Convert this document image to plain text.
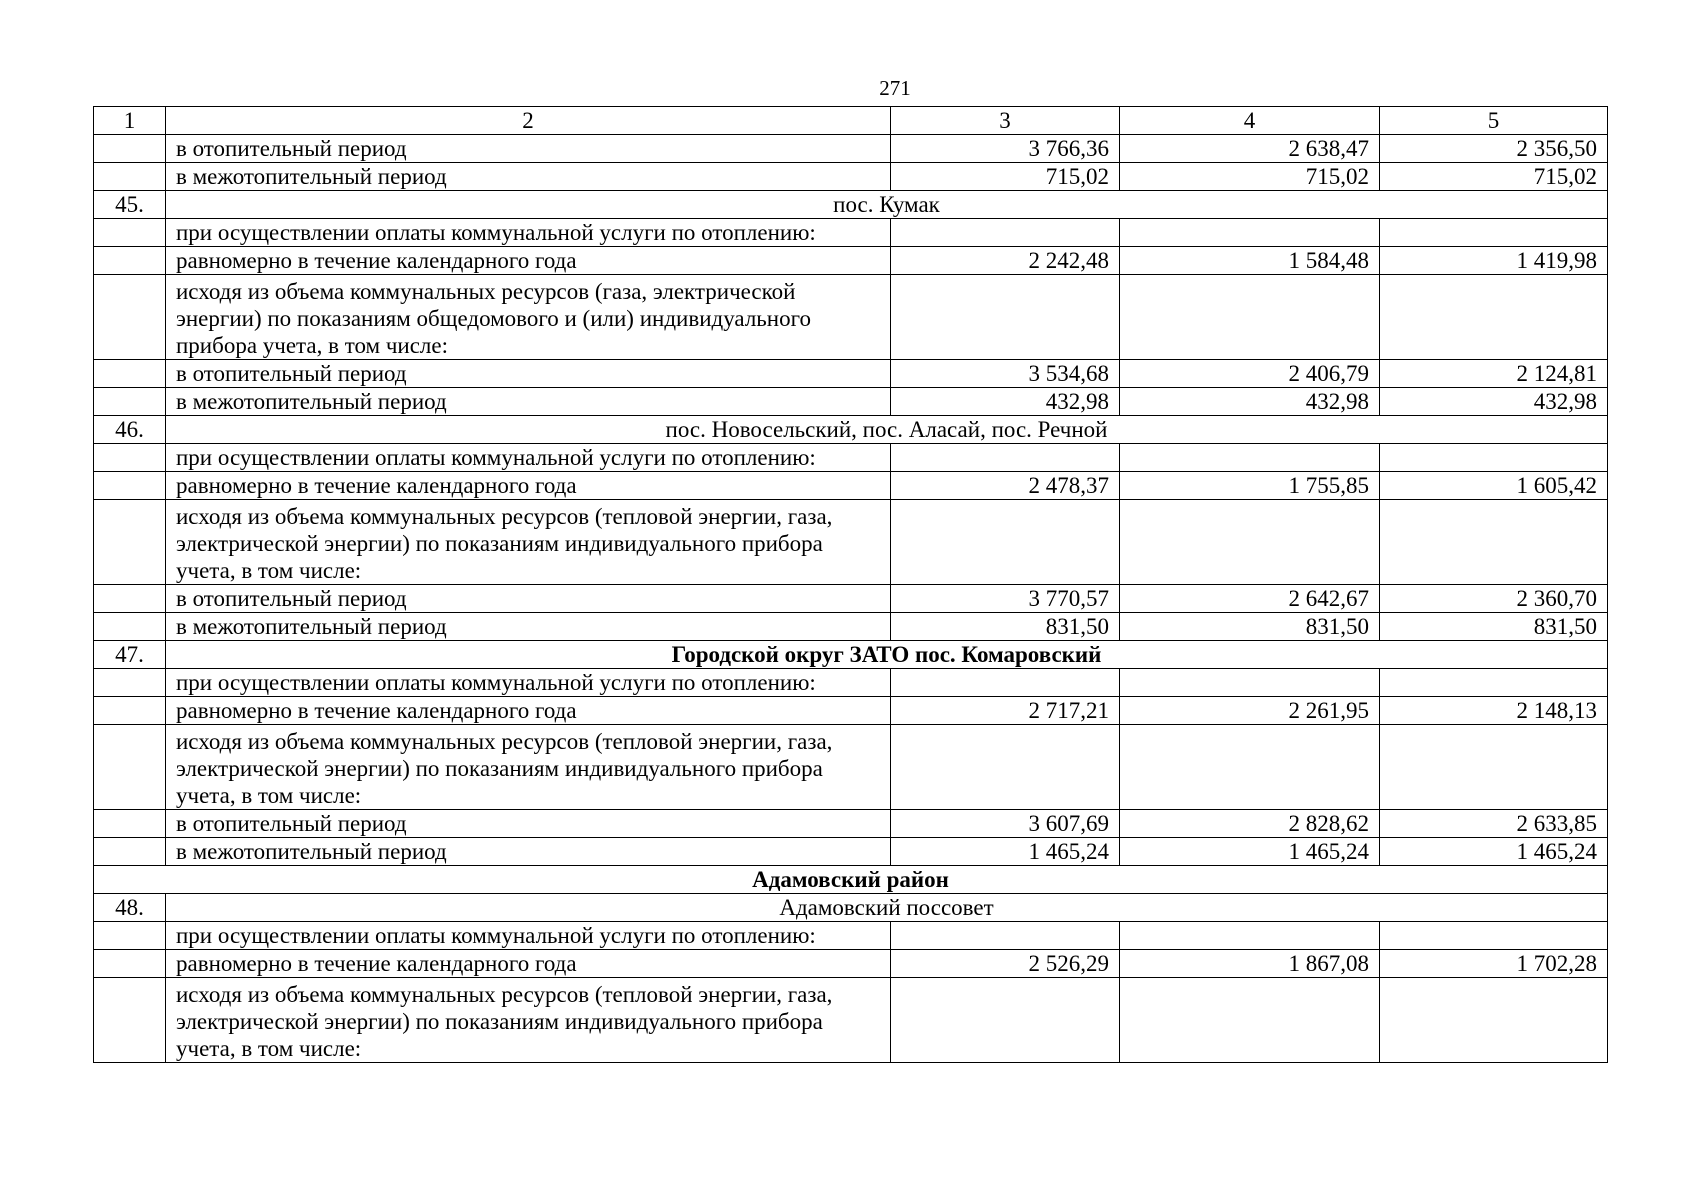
271
1	2	3	4	5
	в отопительный период	3 766,36	2 638,47	2 356,50
	в межотопительный период	715,02	715,02	715,02
45.	пос. Кумак			
	при осуществлении оплаты коммунальной услуги по отоплению:			
	равномерно в течение календарного года	2 242,48	1 584,48	1 419,98

	исходя из объема коммунальных ресурсов (газа, электрической
энергии) по показаниям общедомового и (или) индивидуального
прибора учета, в том числе:			

	в отопительный период	3 534,68	2 406,79	2 124,81
	в межотопительный период	432,98	432,98	432,98
46.	пос. Новосельский, пос. Аласай, пос. Речной			
	при осуществлении оплаты коммунальной услуги по отоплению:			
	равномерно в течение календарного года	2 478,37	1 755,85	1 605,42

	исходя из объема коммунальных ресурсов (тепловой энергии, газа,
электрической энергии) по показаниям индивидуального прибора
учета, в том числе:			

	в отопительный период	3 770,57	2 642,67	2 360,70
	в межотопительный период	831,50	831,50	831,50
47.	Городской округ ЗАТО пос. Комаровский			
	при осуществлении оплаты коммунальной услуги по отоплению:			
	равномерно в течение календарного года	2 717,21	2 261,95	2 148,13

	исходя из объема коммунальных ресурсов (тепловой энергии, газа,
электрической энергии) по показаниям индивидуального прибора
учета, в том числе:			

	в отопительный период	3 607,69	2 828,62	2 633,85
	в межотопительный период	1 465,24	1 465,24	1 465,24
Адамовский район				
48.	Адамовский поссовет			
	при осуществлении оплаты коммунальной услуги по отоплению:			
	равномерно в течение календарного года	2 526,29	1 867,08	1 702,28

	исходя из объема коммунальных ресурсов (тепловой энергии, газа,
электрической энергии) по показаниям индивидуального прибора
учета, в том числе:			
